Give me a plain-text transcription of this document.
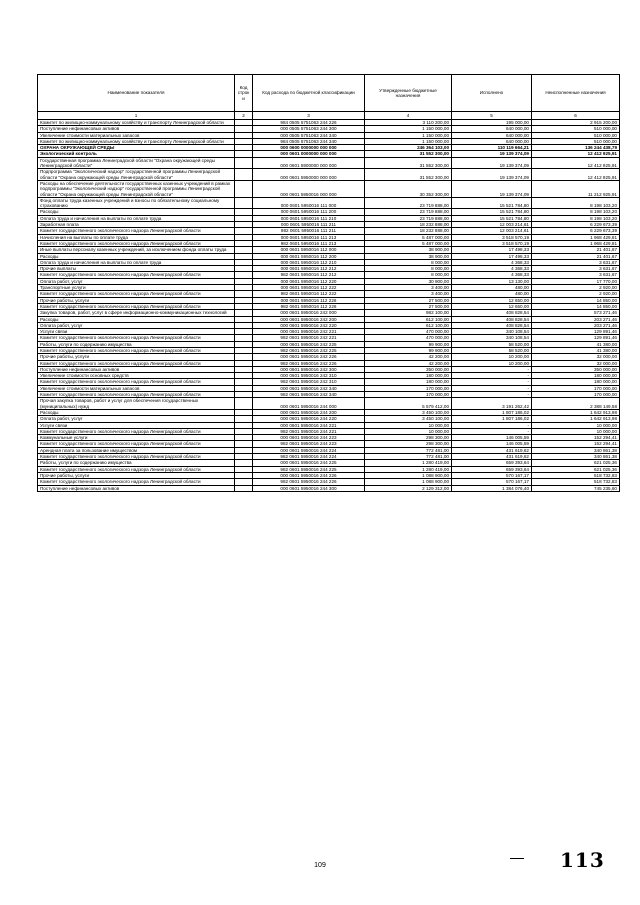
Наименование показателя	Код строк и	Код расхода по бюджетной классификации	Утвержденные бюджетные назначения	Исполнено	Неисполненные назначения
1	2	3	4	5	6
Комитет по жилищно-коммунальному хозяйству и транспорту Ленинградской области		984 0505 5751063 244 226	3 110 200,00	195 000,00	2 915 200,00
Поступление нефинансовых активов		000 0505 5751063 244 300	1 150 000,00	640 000,00	510 000,00
Увеличение стоимости материальных запасов		000 0505 5751063 244 340	1 150 000,00	640 000,00	510 000,00
Комитет по жилищно-коммунальному хозяйству и транспорту Ленинградской области		984 0505 5751063 244 340	1 150 000,00	640 000,00	510 000,00
ОХРАНА ОКРУЖАЮЩЕЙ СРЕДЫ		000 0600 0000000 000 000	246 364 103,00	110 119 664,21	136 244 438,79
Экологический контроль		000 0601 0000000 000 000	31 552 300,00	19 139 374,09	12 412 925,91
Государственная программа Ленинградской области "Охрана окружающей среды Ленинградской области"		000 0601 5900000 000 000	31 552 300,00	19 139 374,09	12 412 925,91
Подпрограмма "Экологический надзор" государственной программы Ленинградской области "Охрана окружающей среды Ленинградской области"		000 0601 5950000 000 000	31 552 300,00	19 139 374,09	12 412 925,91
Расходы на обеспечение деятельности государственных казенных учреждений в рамках подпрограммы "Экологический надзор" государственной программы Ленинградской области "Охрана окружающей среды Ленинградской области"		000 0601 5950016 000 000	30 352 300,00	19 139 374,09	11 212 925,91
Фонд оплаты труда казенных учреждений и взносы по обязательному социальному страхованию		000 0601 5950016 111 000	23 719 888,00	15 521 784,80	8 198 103,20
Расходы		000 0601 5950016 111 200	23 719 888,00	15 521 784,80	8 198 103,20
Оплата труда и начисления на выплаты по оплате труда		000 0601 5950016 111 210	23 719 888,00	15 521 784,80	8 198 103,20
Заработная плата		000 0601 5950016 111 211	18 232 888,00	12 003 214,61	6 229 673,39
Комитет государственного экологического надзора Ленинградской области		982 0601 5950016 111 211	18 232 888,00	12 003 214,61	6 229 673,39
Начисления на выплаты по оплате труда		000 0601 5950016 111 213	5 487 000,00	3 518 570,19	1 968 429,81
Комитет государственного экологического надзора Ленинградской области		982 0601 5950016 111 213	5 487 000,00	3 518 570,19	1 968 429,81
Иные выплаты персоналу казенных учреждений, за исключением фонда оплаты труда		000 0601 5950016 112 000	38 900,00	17 498,33	21 401,67
Расходы		000 0601 5950016 112 200	38 900,00	17 498,33	21 401,67
Оплата труда и начисления на выплаты по оплате труда		000 0601 5950016 112 210	8 000,00	4 368,33	3 631,67
Прочие выплаты		000 0601 5950016 112 212	8 000,00	4 368,33	3 631,67
Комитет государственного экологического надзора Ленинградской области		982 0601 5950016 112 212	8 000,00	4 368,33	3 631,67
Оплата работ, услуг		000 0601 5950016 112 220	30 900,00	13 130,00	17 770,00
Транспортные услуги		000 0601 5950016 112 222	3 400,00	480,00	2 920,00
Комитет государственного экологического надзора Ленинградской области		982 0601 5950016 112 222	3 400,00	480,00	2 920,00
Прочие работы, услуги		000 0601 5950016 112 226	27 500,00	12 650,00	14 850,00
Комитет государственного экологического надзора Ленинградской области		982 0601 5950016 112 226	27 500,00	12 650,00	14 850,00
Закупка товаров, работ, услуг в сфере информационно-коммуникационных технологий		000 0601 5950016 242 000	982 100,00	408 828,54	573 271,46
Расходы		000 0601 5950016 242 200	612 100,00	408 828,54	203 271,46
Оплата работ, услуг		000 0601 5950016 242 220	612 100,00	408 828,54	203 271,46
Услуги связи		000 0601 5950016 242 221	470 000,00	340 108,54	129 891,46
Комитет государственного экологического надзора Ленинградской области		982 0601 5950016 242 221	470 000,00	340 108,54	129 891,46
Работы, услуги по содержанию имущества		000 0601 5950016 242 225	99 900,00	58 520,00	41 380,00
Комитет государственного экологического надзора Ленинградской области		982 0601 5950016 242 225	99 900,00	58 520,00	41 380,00
Прочие работы, услуги		000 0601 5950016 242 226	42 200,00	10 200,00	32 000,00
Комитет государственного экологического надзора Ленинградской области		982 0601 5950016 242 226	42 200,00	10 200,00	32 000,00
Поступление нефинансовых активов		000 0601 5950016 242 300	350 000,00	-	350 000,00
Увеличение стоимости основных средств		000 0601 5950016 242 310	180 000,00	-	180 000,00
Комитет государственного экологического надзора Ленинградской области		982 0601 5950016 242 310	180 000,00	-	180 000,00
Увеличение стоимости материальных запасов		000 0601 5950016 242 340	170 000,00	-	170 000,00
Комитет государственного экологического надзора Ленинградской области		982 0601 5950016 242 340	170 000,00	-	170 000,00
Прочая закупка товаров, работ и услуг для обеспечения государственных (муниципальных) нужд		000 0601 5950016 244 000	5 579 412,00	3 191 262,42	2 388 149,58
Расходы		000 0601 5950016 244 200	3 450 100,00	1 807 186,02	1 642 913,98
Оплата работ, услуг		000 0601 5950016 244 220	3 450 100,00	1 807 186,02	1 642 913,98
Услуги связи		000 0601 5950016 244 221	10 000,00	-	10 000,00
Комитет государственного экологического надзора Ленинградской области		982 0601 5950016 244 221	10 000,00	-	10 000,00
Коммунальные услуги		000 0601 5950016 244 223	298 300,00	146 005,59	152 294,41
Комитет государственного экологического надзора Ленинградской области		982 0601 5950016 244 223	298 300,00	146 005,59	152 294,41
Арендная плата за пользование имуществом		000 0601 5950016 244 224	772 481,00	431 619,62	340 861,38
Комитет государственного экологического надзора Ленинградской области		982 0601 5950016 244 224	772 481,00	431 619,62	340 861,38
Работы, услуги по содержанию имущества		000 0601 5950016 244 225	1 280 419,00	659 393,64	621 025,36
Комитет государственного экологического надзора Ленинградской области		982 0601 5950016 244 225	1 280 419,00	659 393,64	621 025,36
Прочие работы, услуги		000 0601 5950016 244 226	1 088 900,00	570 167,17	518 732,83
Комитет государственного экологического надзора Ленинградской области		982 0601 5950016 244 226	1 088 900,00	570 167,17	518 732,83
Поступление нефинансовых активов		000 0601 5950016 244 300	2 129 312,00	1 384 076,40	745 235,60
109	113
